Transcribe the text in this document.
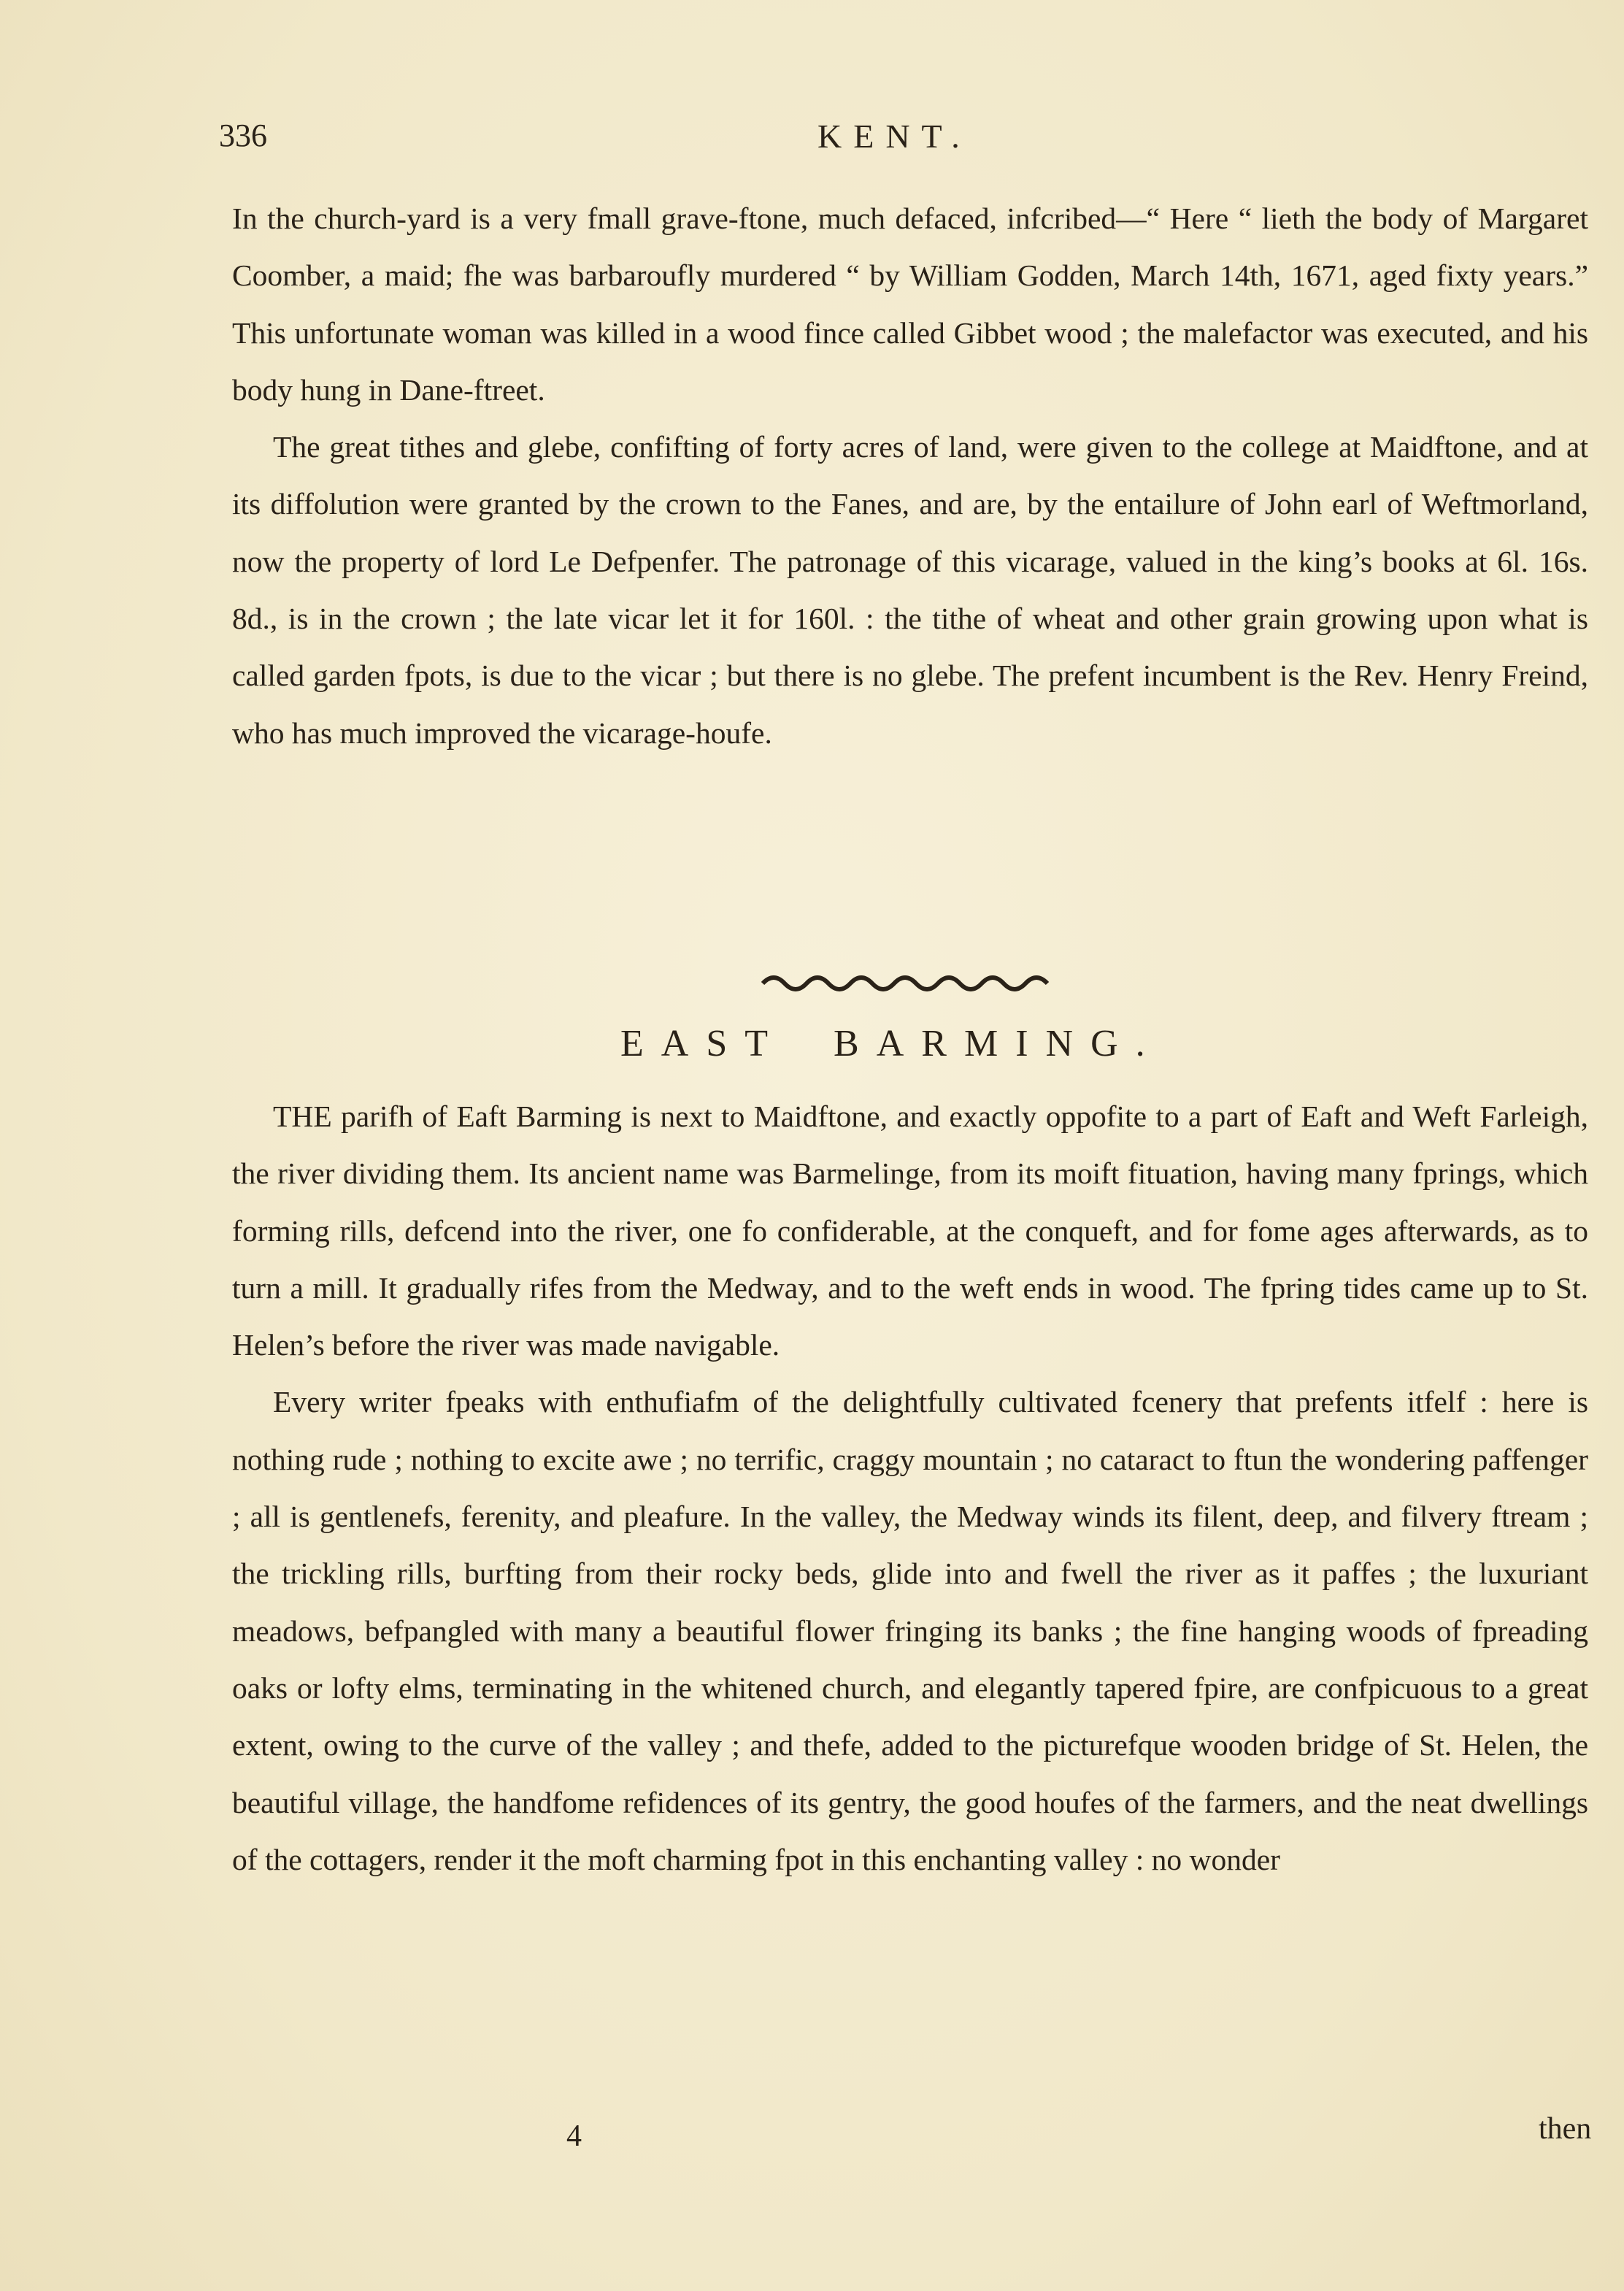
336	KENT.

In the church-yard is a very fmall grave-ftone, much defaced, infcribed—“ Here “ lieth the body of Margaret Coomber, a maid; fhe was barbaroufly murdered “ by William Godden, March 14th, 1671, aged fixty years.” This unfortunate woman was killed in a wood fince called Gibbet wood ; the malefactor was executed, and his body hung in Dane-ftreet.

The great tithes and glebe, confifting of forty acres of land, were given to the college at Maidftone, and at its diffolution were granted by the crown to the Fanes, and are, by the entailure of John earl of Weftmorland, now the property of lord Le Defpenfer. The patronage of this vicarage, valued in the king’s books at 6l. 16s. 8d., is in the crown ; the late vicar let it for 160l. : the tithe of wheat and other grain growing upon what is called garden fpots, is due to the vicar ; but there is no glebe. The prefent incumbent is the Rev. Henry Freind, who has much improved the vicarage-houfe.

EAST BARMING.

THE parifh of Eaft Barming is next to Maidftone, and exactly oppofite to a part of Eaft and Weft Farleigh, the river dividing them. Its ancient name was Barmelinge, from its moift fituation, having many fprings, which forming rills, defcend into the river, one fo confiderable, at the conqueft, and for fome ages afterwards, as to turn a mill. It gradually rifes from the Medway, and to the weft ends in wood. The fpring tides came up to St. Helen’s before the river was made navigable.

Every writer fpeaks with enthufiafm of the delightfully cultivated fcenery that prefents itfelf : here is nothing rude ; nothing to excite awe ; no terrific, craggy mountain ; no cataract to ftun the wondering paffenger ; all is gentlenefs, ferenity, and pleafure. In the valley, the Medway winds its filent, deep, and filvery ftream ; the trickling rills, burfting from their rocky beds, glide into and fwell the river as it paffes ; the luxuriant meadows, befpangled with many a beautiful flower fringing its banks ; the fine hanging woods of fpreading oaks or lofty elms, terminating in the whitened church, and elegantly tapered fpire, are confpicuous to a great extent, owing to the curve of the valley ; and thefe, added to the picturefque wooden bridge of St. Helen, the beautiful village, the handfome refidences of its gentry, the good houfes of the farmers, and the neat dwellings of the cottagers, render it the moft charming fpot in this enchanting valley : no wonder

4	then
